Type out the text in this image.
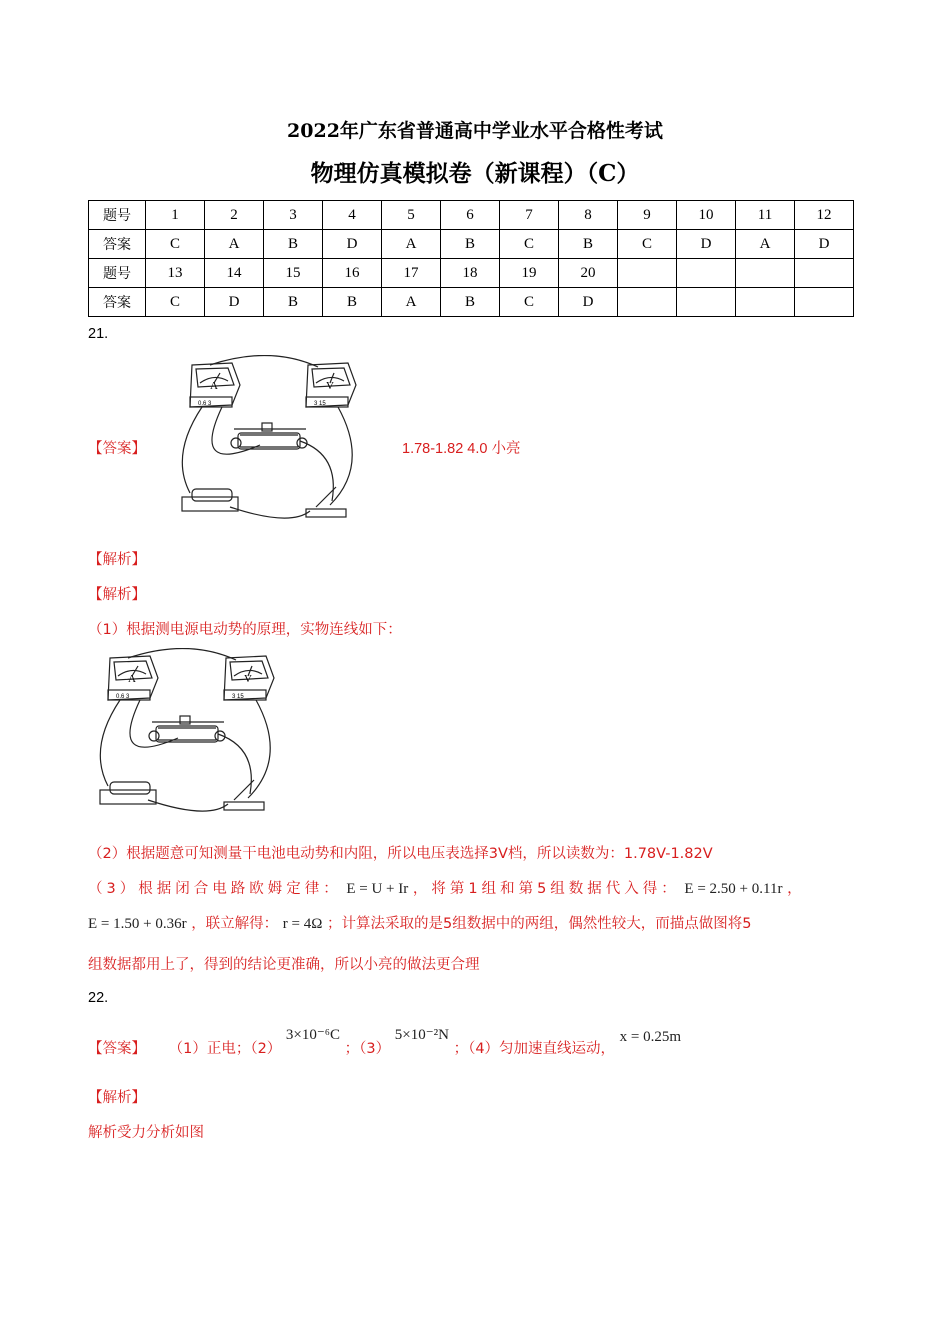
2022年广东省普通高中学业水平合格性考试
物理仿真模拟卷（新课程）（C）
题号	1	2	3	4	5	6	7	8	9	10	11	12
答案	C	A	B	D	A	B	C	B	C	D	A	D
题号	13	14	15	16	17	18	19	20				
答案	C	D	B	B	A	B	C	D				
21.
【答案】
A	V
0.6 3	3 15
1.78-1.82 4.0 小亮
【解析】
【解析】
（1）根据测电源电动势的原理，实物连线如下：
A	V
0.6 3	3 15
（2）根据题意可知测量干电池电动势和内阻，所以电压表选择3V档，所以读数为：1.78V-1.82V
（3）根据闭合电路欧姆定律： E = U + Ir ，将第1组和第5组数据代入得： E = 2.50 + 0.11r ，
E = 1.50 + 0.36r ，联立解得： r = 4Ω ；计算法采取的是5组数据中的两组，偶然性较大，而描点做图将5
组数据都用上了，得到的结论更准确，所以小亮的做法更合理
22.
【答案】 （1）正电；（2） 3×10⁻⁶C ；（3） 5×10⁻²N ；（4）匀加速直线运动， x = 0.25m
【解析】
解析受力分析如图
